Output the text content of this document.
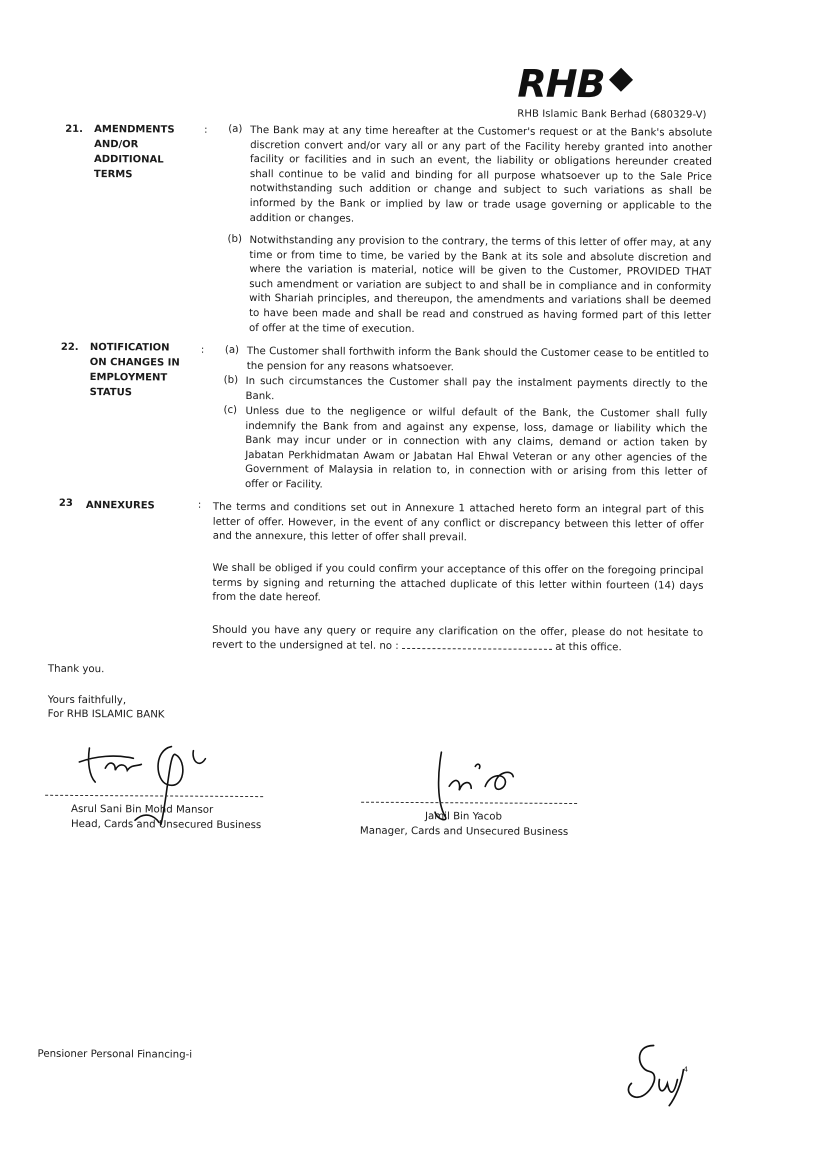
RHB
RHB Islamic Bank Berhad (680329-V)
21. AMENDMENTS AND/OR ADDITIONAL TERMS
: (a) The Bank may at any time hereafter at the Customer's request or at the Bank's absolute discretion convert and/or vary all or any part of the Facility hereby granted into another facility or facilities and in such an event, the liability or obligations hereunder created shall continue to be valid and binding for all purpose whatsoever up to the Sale Price notwithstanding such addition or change and subject to such variations as shall be informed by the Bank or implied by law or trade usage governing or applicable to the addition or changes.
(b) Notwithstanding any provision to the contrary, the terms of this letter of offer may, at any time or from time to time, be varied by the Bank at its sole and absolute discretion and where the variation is material, notice will be given to the Customer, PROVIDED THAT such amendment or variation are subject to and shall be in compliance and in conformity with Shariah principles, and thereupon, the amendments and variations shall be deemed to have been made and shall be read and construed as having formed part of this letter of offer at the time of execution.
22. NOTIFICATION ON CHANGES IN EMPLOYMENT STATUS
: (a) The Customer shall forthwith inform the Bank should the Customer cease to be entitled to the pension for any reasons whatsoever.
(b) In such circumstances the Customer shall pay the instalment payments directly to the Bank.
(c) Unless due to the negligence or wilful default of the Bank, the Customer shall fully indemnify the Bank from and against any expense, loss, damage or liability which the Bank may incur under or in connection with any claims, demand or action taken by Jabatan Perkhidmatan Awam or Jabatan Hal Ehwal Veteran or any other agencies of the Government of Malaysia in relation to, in connection with or arising from this letter of offer or Facility.
23 ANNEXURES	: The terms and conditions set out in Annexure 1 attached hereto form an integral part of this letter of offer. However, in the event of any conflict or discrepancy between this letter of offer and the annexure, this letter of offer shall prevail.
We shall be obliged if you could confirm your acceptance of this offer on the foregoing principal terms by signing and returning the attached duplicate of this letter within fourteen (14) days from the date hereof.
Should you have any query or require any clarification on the offer, please do not hesitate to revert to the undersigned at tel. no :	at this office.
Thank you.
Yours faithfully,
For RHB ISLAMIC BANK
Asrul Sani Bin Mohd Mansor
Head, Cards and Unsecured Business
Jamil Bin Yacob
Manager, Cards and Unsecured Business
Pensioner Personal Financing-i
4
